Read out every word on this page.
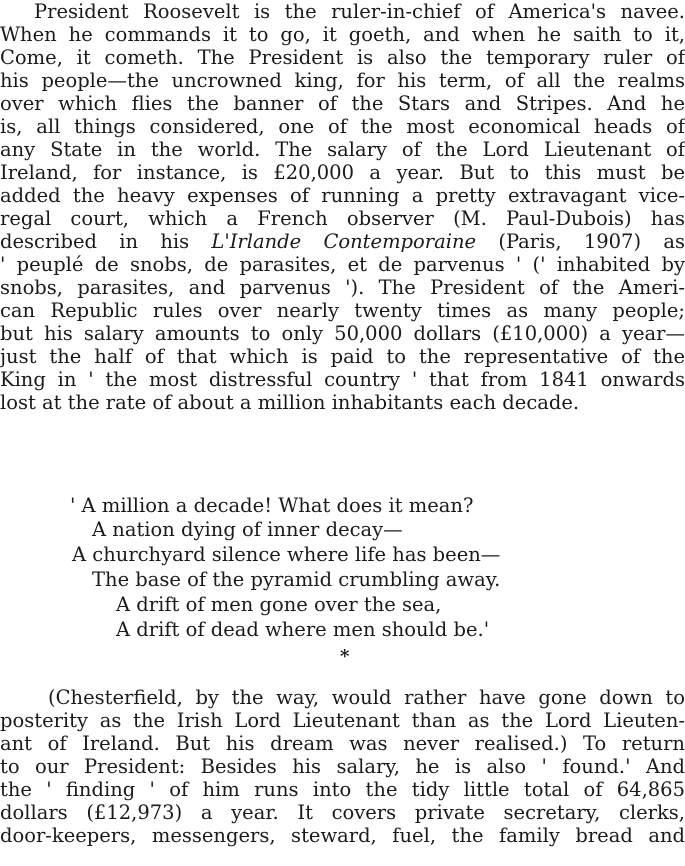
President Roosevelt is the ruler-in-chief of America's navee.
When he commands it to go, it goeth, and when he saith to it,
Come, it cometh. The President is also the temporary ruler of
his people—the uncrowned king, for his term, of all the realms
over which flies the banner of the Stars and Stripes. And he
is, all things considered, one of the most economical heads of
any State in the world. The salary of the Lord Lieutenant of
Ireland, for instance, is £20,000 a year. But to this must be
added the heavy expenses of running a pretty extravagant vice-
regal court, which a French observer (M. Paul-Dubois) has
described in his L'Irlande Contemporaine (Paris, 1907) as
' peuplé de snobs, de parasites, et de parvenus ' (' inhabited by
snobs, parasites, and parvenus '). The President of the Ameri-
can Republic rules over nearly twenty times as many people;
but his salary amounts to only 50,000 dollars (£10,000) a year—
just the half of that which is paid to the representative of the
King in ' the most distressful country ' that from 1841 onwards
lost at the rate of about a million inhabitants each decade.
' A million a decade! What does it mean?
A nation dying of inner decay—
A churchyard silence where life has been—
The base of the pyramid crumbling away.
A drift of men gone over the sea,
A drift of dead where men should be.'
*
(Chesterfield, by the way, would rather have gone down to
posterity as the Irish Lord Lieutenant than as the Lord Lieuten-
ant of Ireland. But his dream was never realised.) To return
to our President: Besides his salary, he is also ' found.' And
the ' finding ' of him runs into the tidy little total of 64,865
dollars (£12,973) a year. It covers private secretary, clerks,
door-keepers, messengers, steward, fuel, the family bread and
